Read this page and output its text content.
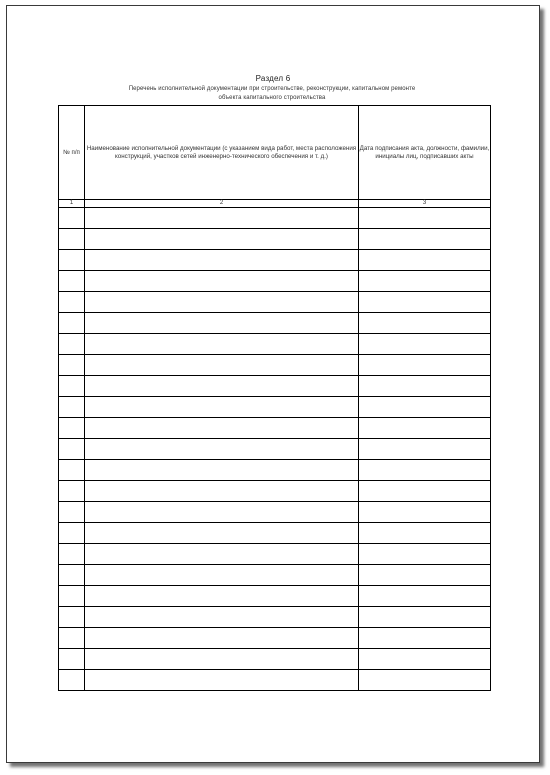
Раздел 6
Перечень исполнительной документации при строительстве, реконструкции, капитальном ремонте
объекта капитального строительства
№ п/п	Наименование исполнительной документации (с указанием вида работ, места расположения конструкций, участков сетей инженерно-технического обеспечения и т. д.)	Дата подписания акта, должности, фамилии, инициалы лиц, подписавших акты
1	2	3
